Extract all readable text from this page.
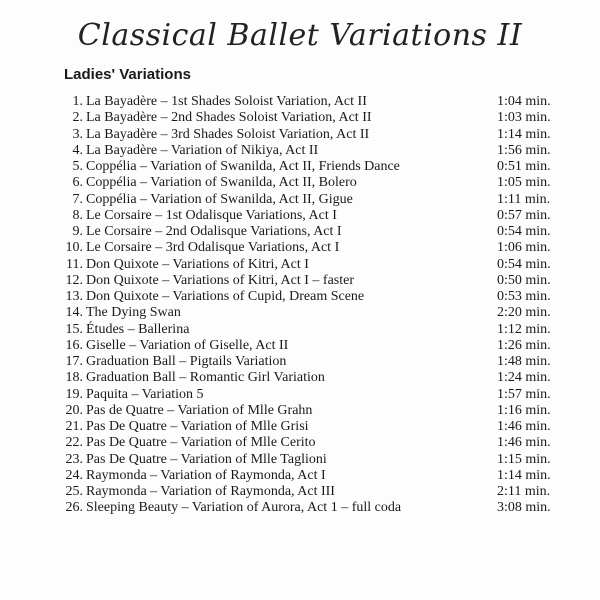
Classical Ballet Variations II
Ladies' Variations
1. La Bayadère – 1st Shades Soloist Variation, Act II	1:04 min.
2. La Bayadère – 2nd Shades Soloist Variation, Act II	1:03 min.
3. La Bayadère – 3rd Shades Soloist Variation, Act II	1:14 min.
4. La Bayadère – Variation of Nikiya, Act II	1:56 min.
5. Coppélia – Variation of Swanilda, Act II, Friends Dance	0:51 min.
6. Coppélia – Variation of Swanilda, Act II, Bolero	1:05 min.
7. Coppélia – Variation of Swanilda, Act II, Gigue	1:11 min.
8. Le Corsaire – 1st Odalisque Variations, Act I	0:57 min.
9. Le Corsaire – 2nd Odalisque Variations, Act I	0:54 min.
10. Le Corsaire – 3rd Odalisque Variations, Act I	1:06 min.
11. Don Quixote – Variations of Kitri, Act I	0:54 min.
12. Don Quixote – Variations of Kitri, Act I – faster	0:50 min.
13. Don Quixote – Variations of Cupid, Dream Scene	0:53 min.
14. The Dying Swan	2:20 min.
15. Études – Ballerina	1:12 min.
16. Giselle – Variation of Giselle, Act II	1:26 min.
17. Graduation Ball – Pigtails Variation	1:48 min.
18. Graduation Ball – Romantic Girl Variation	1:24 min.
19. Paquita – Variation 5	1:57 min.
20. Pas de Quatre – Variation of Mlle Grahn	1:16 min.
21. Pas De Quatre – Variation of Mlle Grisi	1:46 min.
22. Pas De Quatre – Variation of Mlle Cerito	1:46 min.
23. Pas De Quatre – Variation of Mlle Taglioni	1:15 min.
24. Raymonda – Variation of Raymonda, Act I	1:14 min.
25. Raymonda – Variation of Raymonda, Act III	2:11 min.
26. Sleeping Beauty – Variation of Aurora, Act 1 – full coda	3:08 min.
